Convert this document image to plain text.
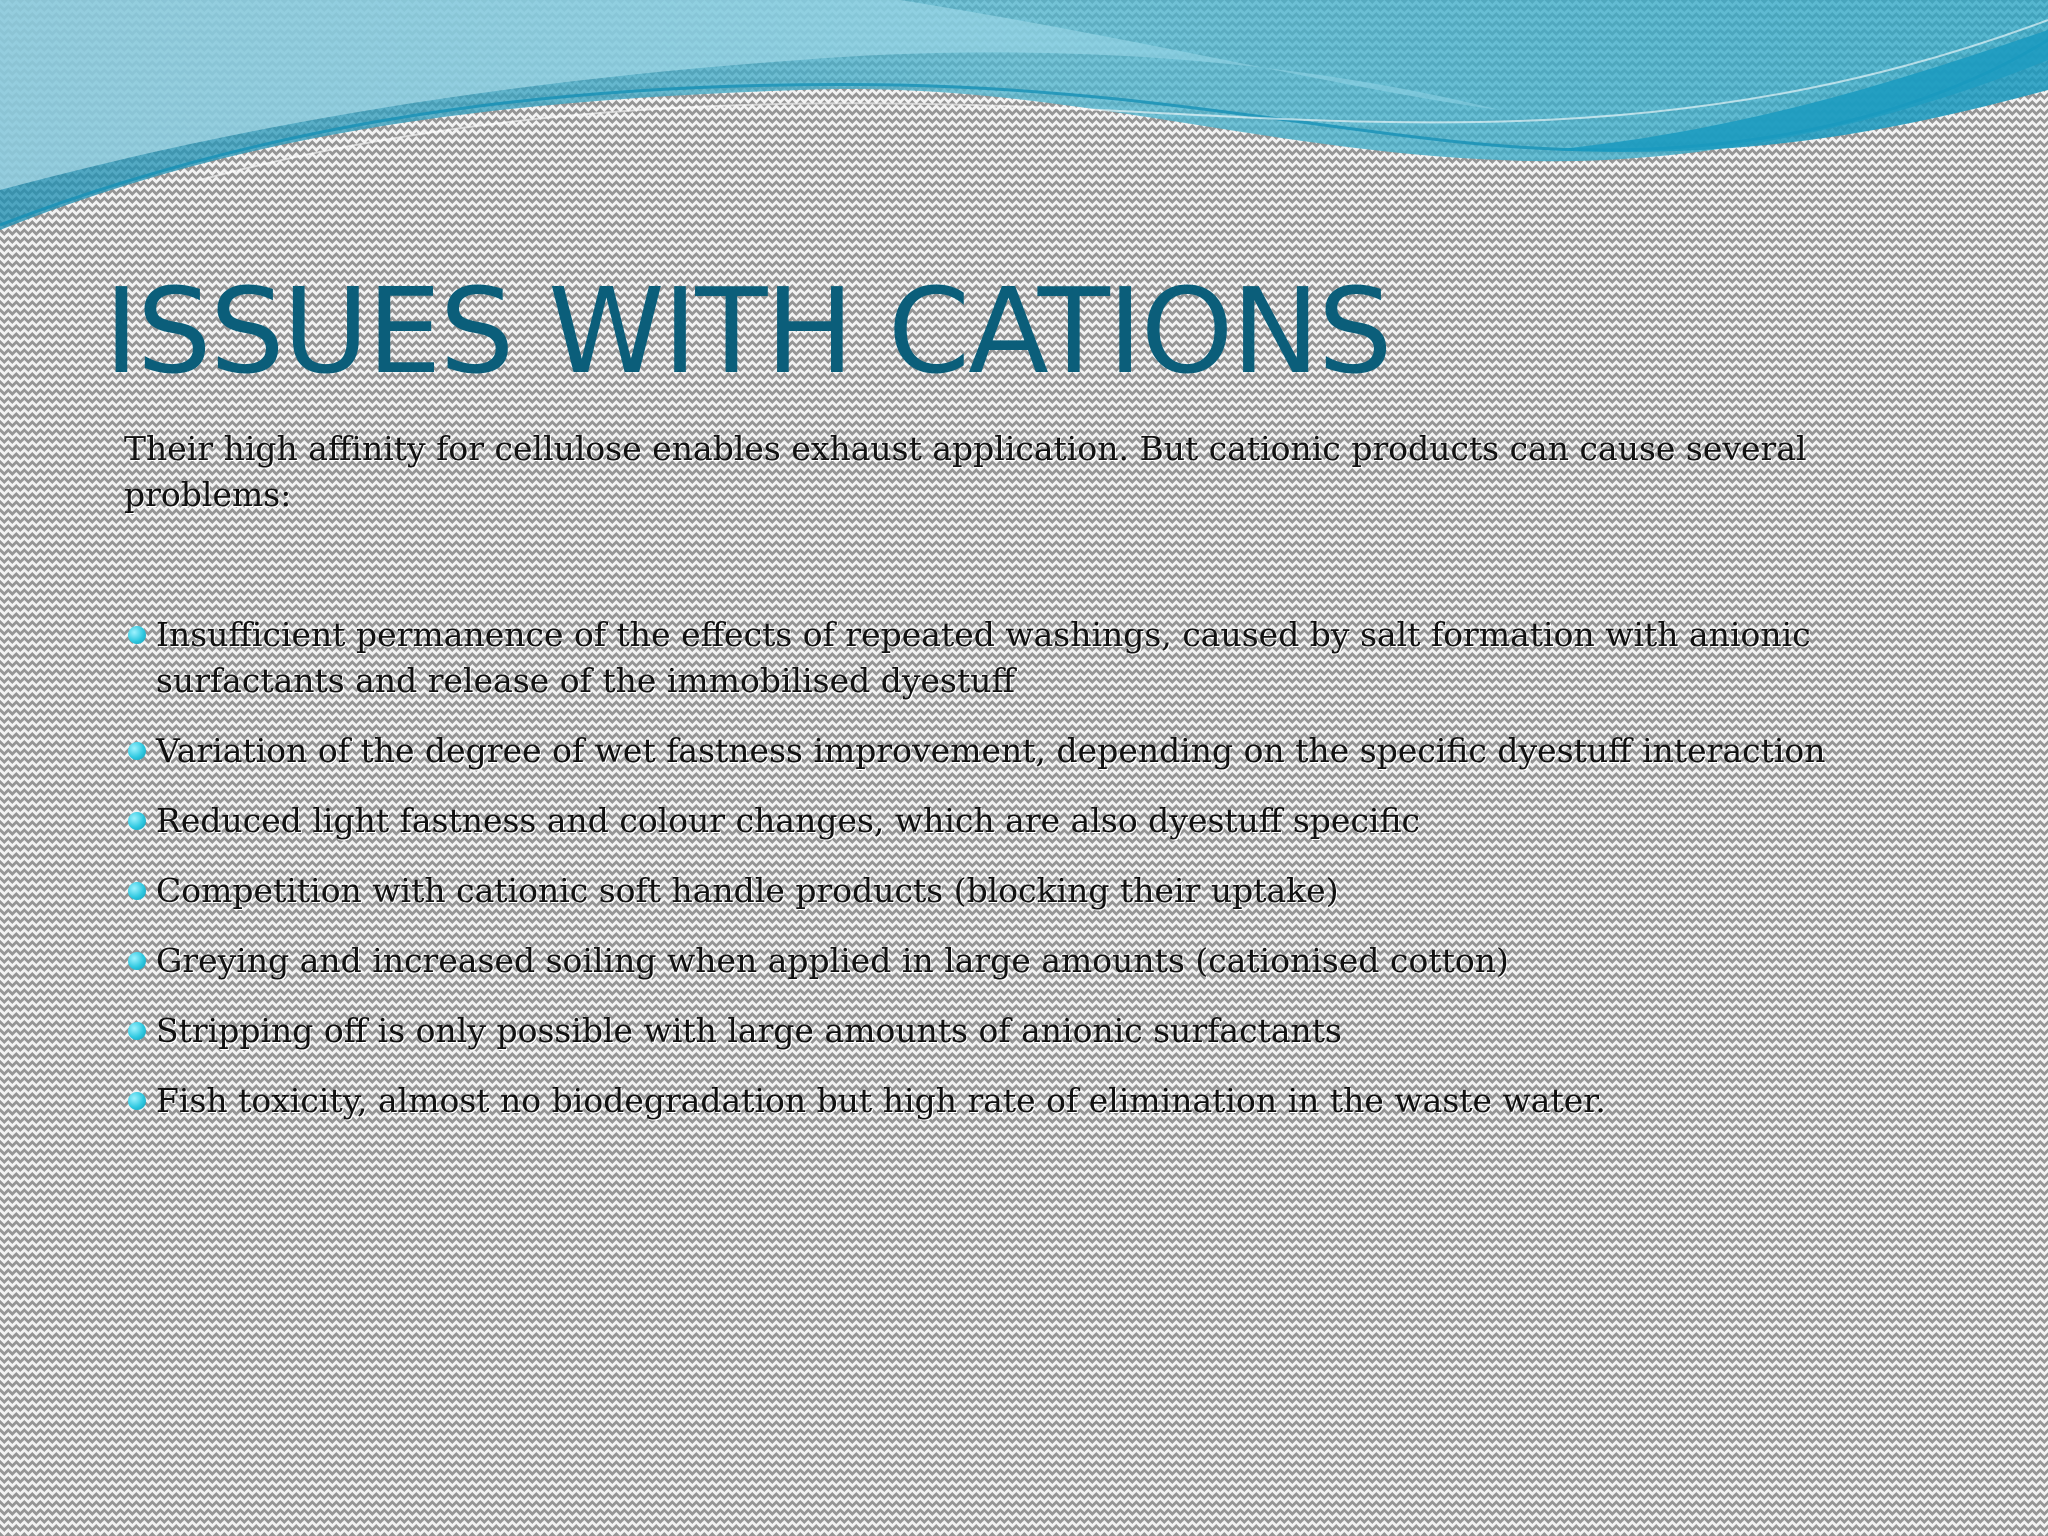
ISSUES WITH CATIONS

Their high affinity for cellulose enables exhaust application. But cationic products can cause several problems:

Insufficient permanence of the effects of repeated washings, caused by salt formation with anionic surfactants and release of the immobilised dyestuff
Variation of the degree of wet fastness improvement, depending on the specific dyestuff interaction
Reduced light fastness and colour changes, which are also dyestuff specific
Competition with cationic soft handle products (blocking their uptake)
Greying and increased soiling when applied in large amounts (cationised cotton)
Stripping off is only possible with large amounts of anionic surfactants
Fish toxicity, almost no biodegradation but high rate of elimination in the waste water.
